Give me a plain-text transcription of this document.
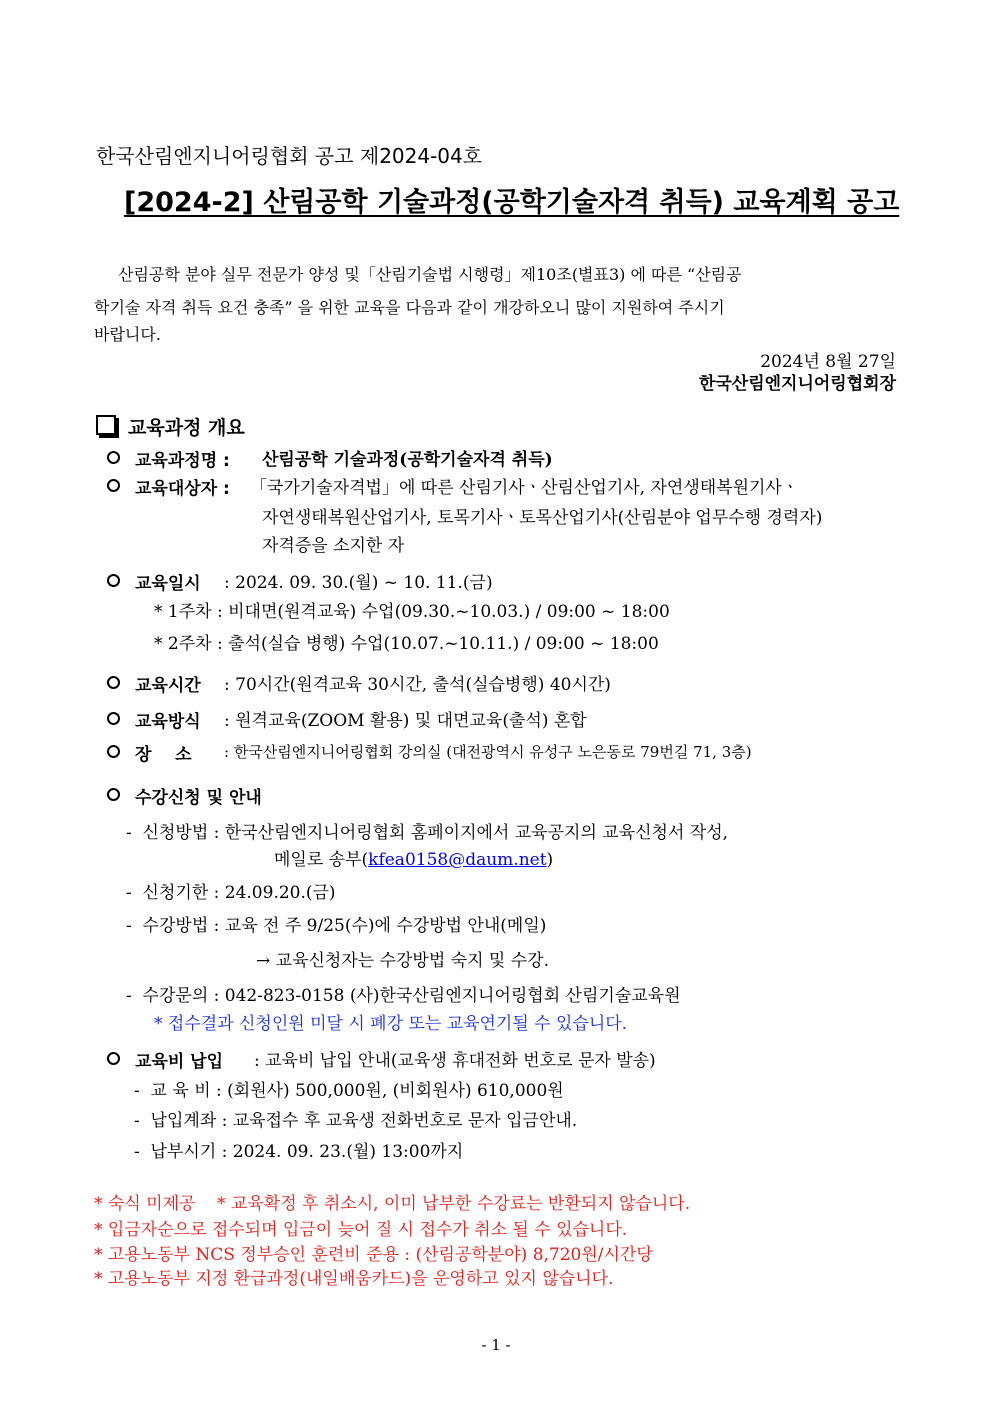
한국산림엔지니어링협회 공고 제2024-04호
[2024-2] 산림공학 기술과정(공학기술자격 취득) 교육계획 공고
산림공학 분야 실무 전문가 양성 및「산림기술법 시행령」제10조(별표3) 에 따른 “산림공
학기술 자격 취득 요건 충족” 을 위한 교육을 다음과 같이 개강하오니 많이 지원하여 주시기
바랍니다.
2024년 8월 27일
한국산림엔지니어링협회장
교육과정 개요
교육과정명 : 산림공학 기술과정(공학기술자격 취득)
교육대상자 : 「국가기술자격법」에 따른 산림기사ㆍ산림산업기사, 자연생태복원기사ㆍ
자연생태복원산업기사, 토목기사ㆍ토목산업기사(산림분야 업무수행 경력자)
자격증을 소지한 자
교육일시 : 2024. 09. 30.(월) ~ 10. 11.(금)
* 1주차 : 비대면(원격교육) 수업(09.30.~10.03.) / 09:00 ~ 18:00
* 2주차 : 출석(실습 병행) 수업(10.07.~10.11.) / 09:00 ~ 18:00
교육시간 : 70시간(원격교육 30시간, 출석(실습병행) 40시간)
교육방식 : 원격교육(ZOOM 활용) 및 대면교육(출석) 혼합
장    소 : 한국산림엔지니어링협회 강의실 (대전광역시 유성구 노은동로 79번길 71, 3층)
수강신청 및 안내
-  신청방법 : 한국산림엔지니어링협회 홈페이지에서 교육공지의 교육신청서 작성,
메일로 송부(kfea0158@daum.net)
-  신청기한 : 24.09.20.(금)
-  수강방법 : 교육 전 주 9/25(수)에 수강방법 안내(메일)
→ 교육신청자는 수강방법 숙지 및 수강.
-  수강문의 : 042-823-0158 (사)한국산림엔지니어링협회 산림기술교육원
* 접수결과 신청인원 미달 시 폐강 또는 교육연기될 수 있습니다.
교육비 납입 : 교육비 납입 안내(교육생 휴대전화 번호로 문자 발송)
-  교 육 비 : (회원사) 500,000원, (비회원사) 610,000원
-  납입계좌 : 교육접수 후 교육생 전화번호로 문자 입금안내.
-  납부시기 : 2024. 09. 23.(월) 13:00까지
* 숙식 미제공    * 교육확정 후 취소시, 이미 납부한 수강료는 반환되지 않습니다.
* 입금자순으로 접수되며 입금이 늦어 질 시 접수가 취소 될 수 있습니다.
* 고용노동부 NCS 정부승인 훈련비 준용 : (산림공학분야) 8,720원/시간당
* 고용노동부 지정 환급과정(내일배움카드)을 운영하고 있지 않습니다.
- 1 -
